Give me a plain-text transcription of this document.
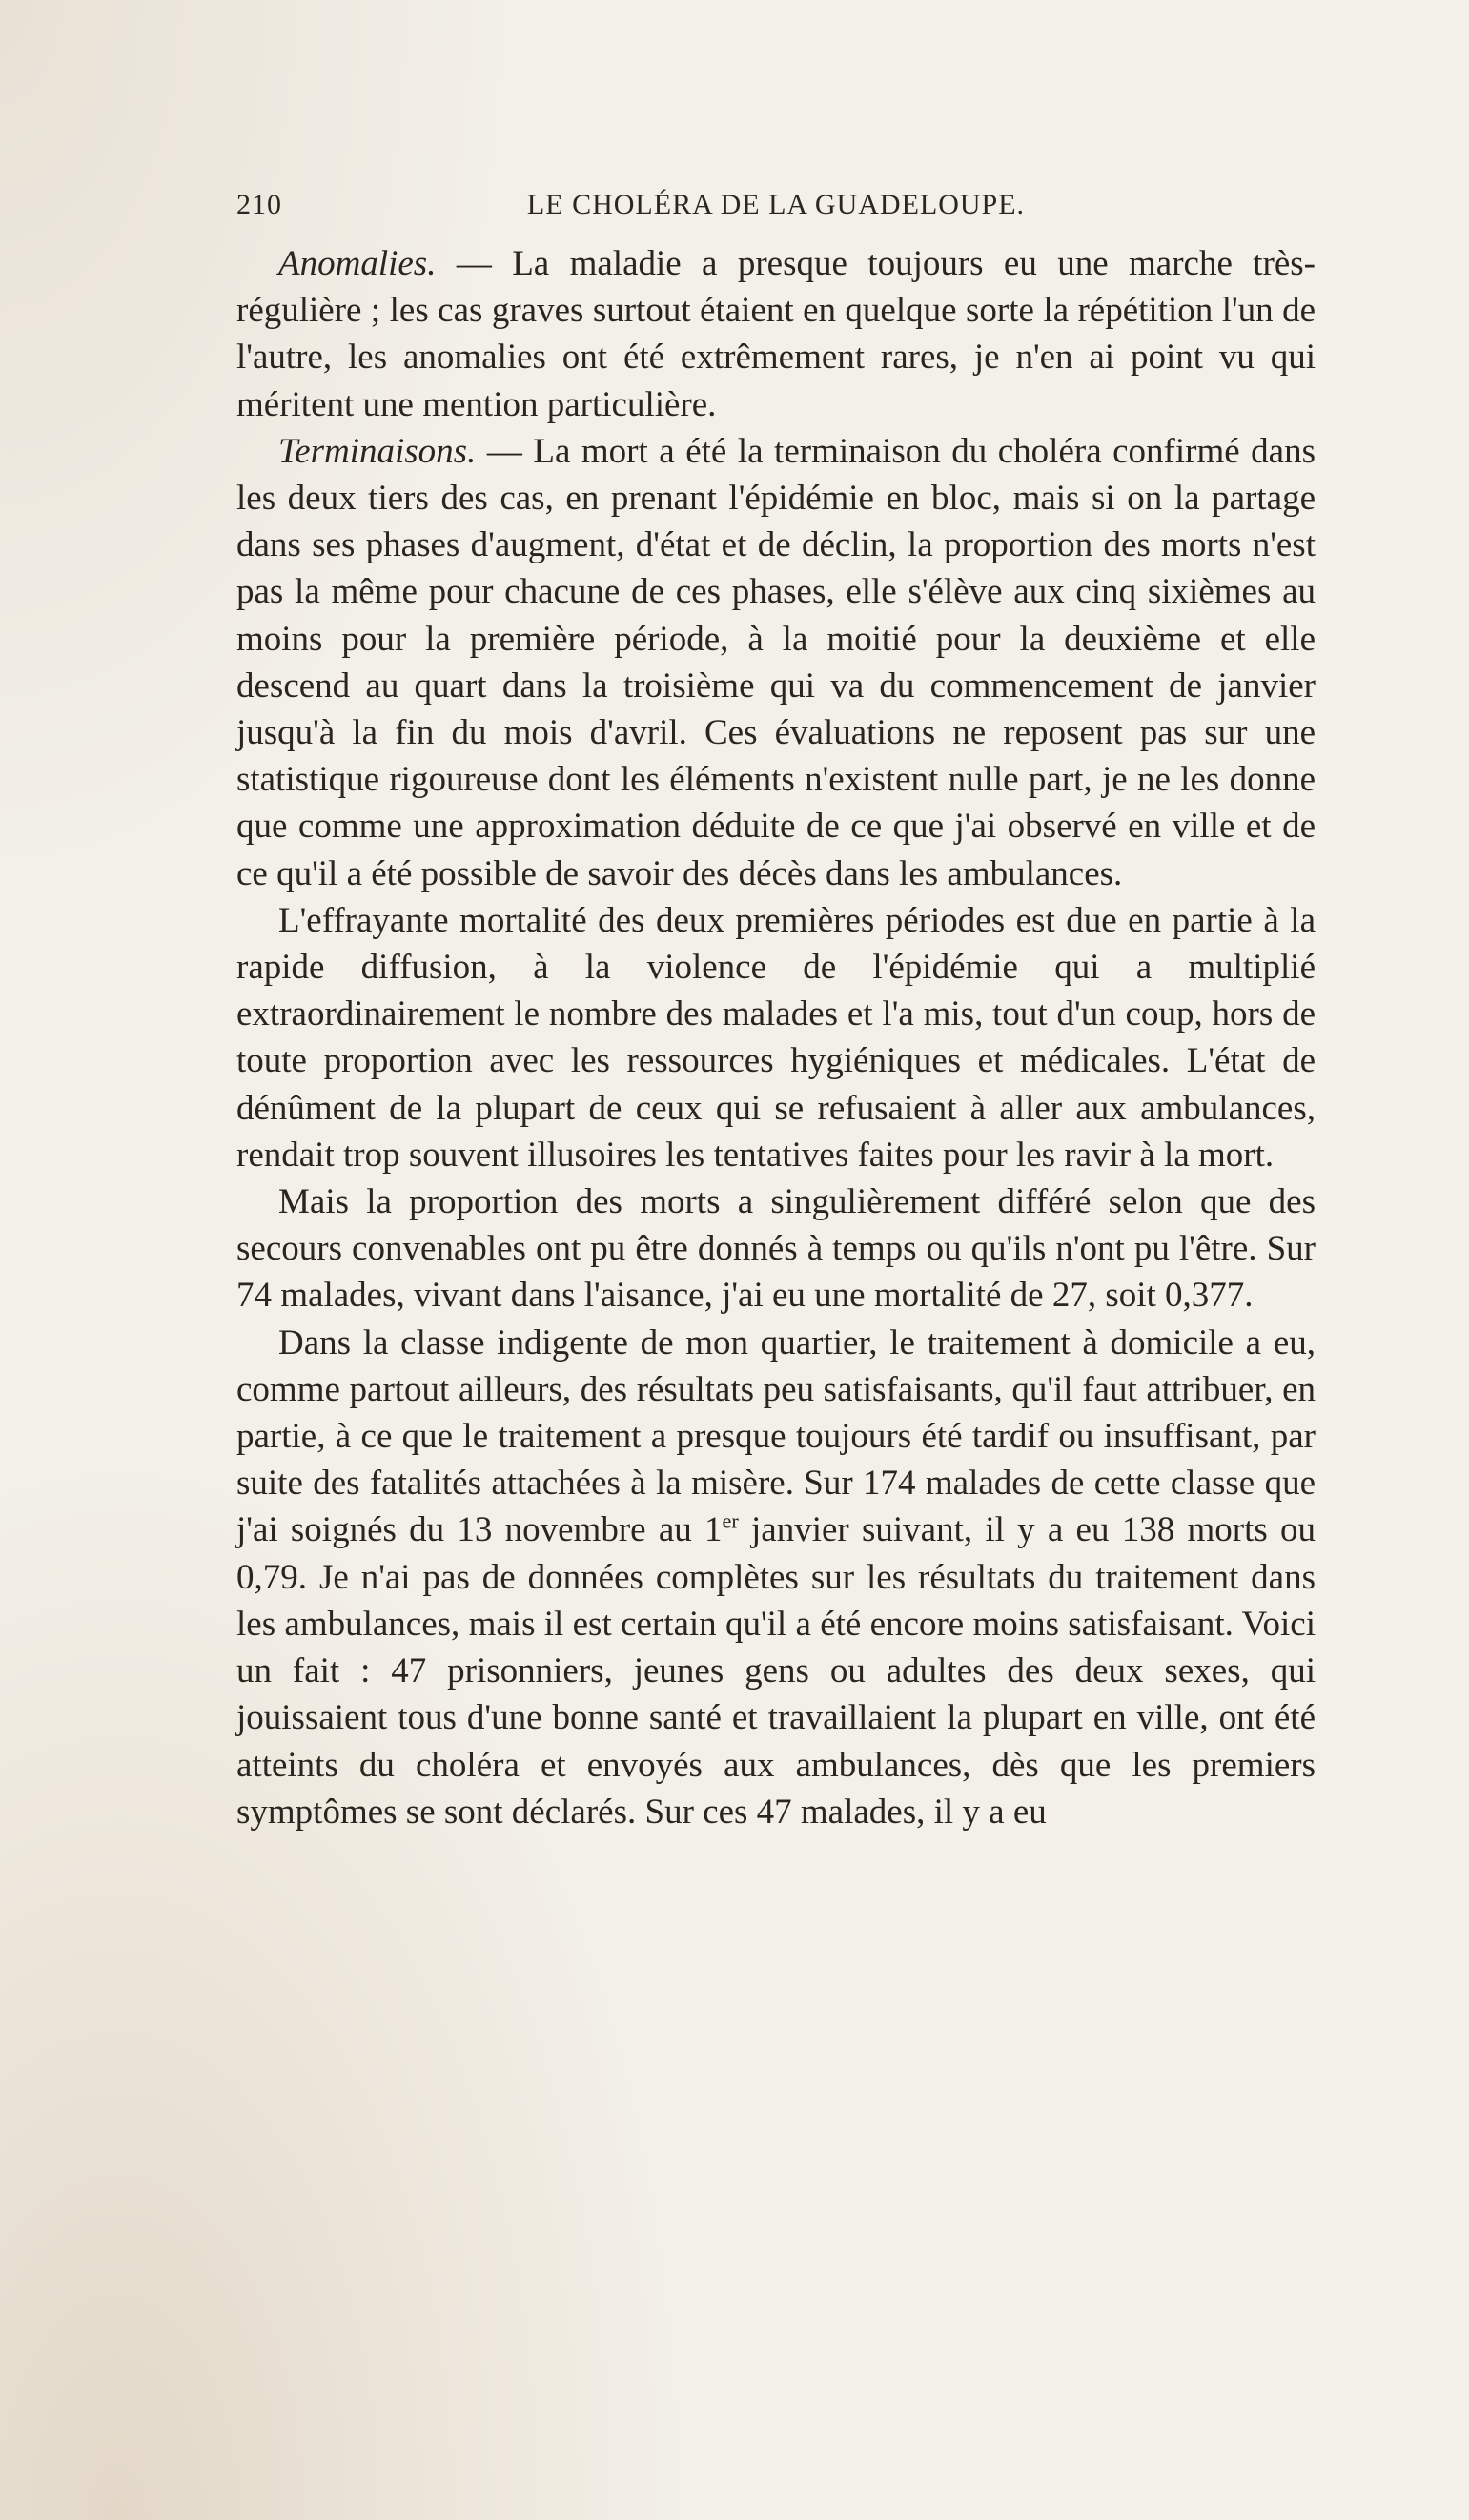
210	LE CHOLÉRA DE LA GUADELOUPE.

Anomalies. — La maladie a presque toujours eu une marche très-régulière ; les cas graves surtout étaient en quelque sorte la répétition l'un de l'autre, les anomalies ont été extrêmement rares, je n'en ai point vu qui méritent une mention particulière.

Terminaisons. — La mort a été la terminaison du choléra confirmé dans les deux tiers des cas, en prenant l'épidémie en bloc, mais si on la partage dans ses phases d'augment, d'état et de déclin, la proportion des morts n'est pas la même pour chacune de ces phases, elle s'élève aux cinq sixièmes au moins pour la première période, à la moitié pour la deuxième et elle descend au quart dans la troisième qui va du commencement de janvier jusqu'à la fin du mois d'avril. Ces évaluations ne reposent pas sur une statistique rigoureuse dont les éléments n'existent nulle part, je ne les donne que comme une approximation déduite de ce que j'ai observé en ville et de ce qu'il a été possible de savoir des décès dans les ambulances.

L'effrayante mortalité des deux premières périodes est due en partie à la rapide diffusion, à la violence de l'épidémie qui a multiplié extraordinairement le nombre des malades et l'a mis, tout d'un coup, hors de toute proportion avec les ressources hygiéniques et médicales. L'état de dénûment de la plupart de ceux qui se refusaient à aller aux ambulances, rendait trop souvent illusoires les tentatives faites pour les ravir à la mort.

Mais la proportion des morts a singulièrement différé selon que des secours convenables ont pu être donnés à temps ou qu'ils n'ont pu l'être. Sur 74 malades, vivant dans l'aisance, j'ai eu une mortalité de 27, soit 0,377.

Dans la classe indigente de mon quartier, le traitement à domicile a eu, comme partout ailleurs, des résultats peu satisfaisants, qu'il faut attribuer, en partie, à ce que le traitement a presque toujours été tardif ou insuffisant, par suite des fatalités attachées à la misère. Sur 174 malades de cette classe que j'ai soignés du 13 novembre au 1er janvier suivant, il y a eu 138 morts ou 0,79. Je n'ai pas de données complètes sur les résultats du traitement dans les ambulances, mais il est certain qu'il a été encore moins satisfaisant. Voici un fait : 47 prisonniers, jeunes gens ou adultes des deux sexes, qui jouissaient tous d'une bonne santé et travaillaient la plupart en ville, ont été atteints du choléra et envoyés aux ambulances, dès que les premiers symptômes se sont déclarés. Sur ces 47 malades, il y a eu
